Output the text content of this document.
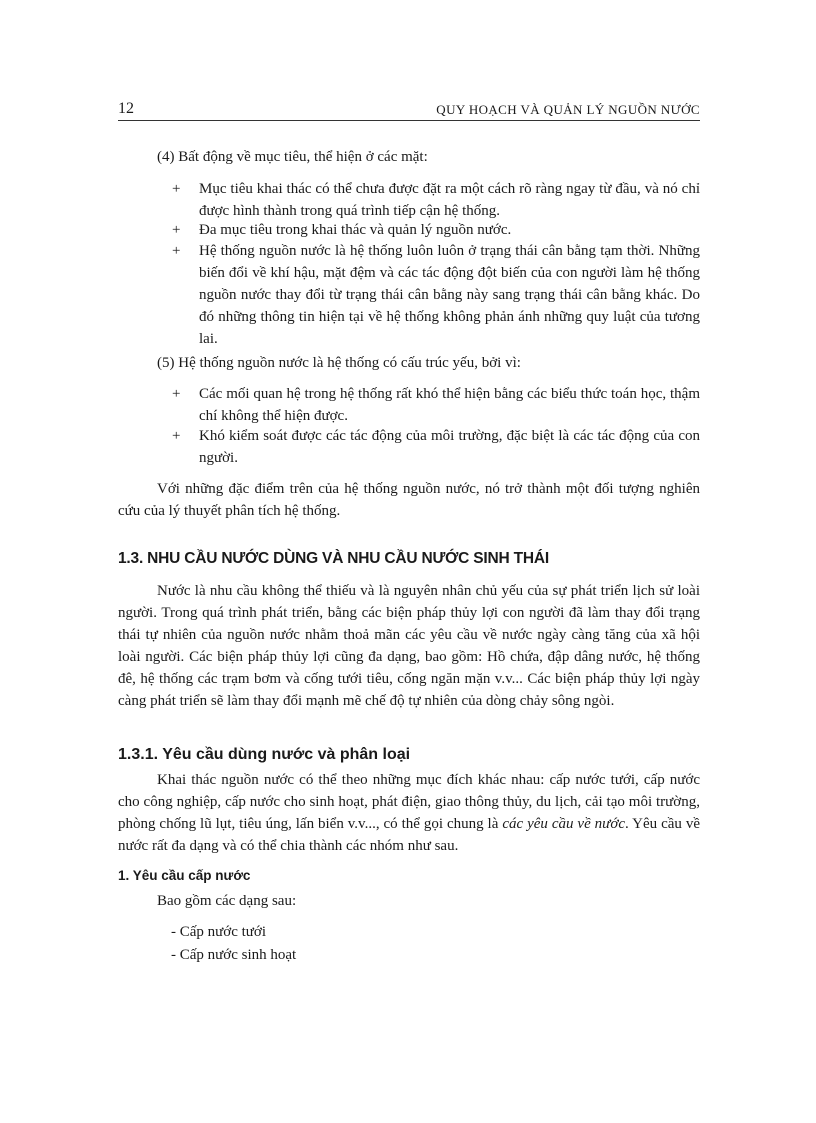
12	QUY HOẠCH VÀ QUẢN LÝ NGUỒN NƯỚC
(4) Bất động về mục tiêu, thể hiện ở các mặt:
+	Mục tiêu khai thác có thể chưa được đặt ra một cách rõ ràng ngay từ đầu, và nó chỉ được hình thành trong quá trình tiếp cận hệ thống.
+	Đa mục tiêu trong khai thác và quản lý nguồn nước.
+	Hệ thống nguồn nước là hệ thống luôn luôn ở trạng thái cân bằng tạm thời. Những biến đổi về khí hậu, mặt đệm và các tác động đột biến của con người làm hệ thống nguồn nước thay đổi từ trạng thái cân bằng này sang trạng thái cân bằng khác. Do đó những thông tin hiện tại về hệ thống không phản ánh những quy luật của tương lai.
(5) Hệ thống nguồn nước là hệ thống có cấu trúc yếu, bởi vì:
+	Các mối quan hệ trong hệ thống rất khó thể hiện bằng các biểu thức toán học, thậm chí không thể hiện được.
+	Khó kiểm soát được các tác động của môi trường, đặc biệt là các tác động của con người.
Với những đặc điểm trên của hệ thống nguồn nước, nó trở thành một đối tượng nghiên cứu của lý thuyết phân tích hệ thống.
1.3. NHU CẦU NƯỚC DÙNG VÀ NHU CẦU NƯỚC SINH THÁI
Nước là nhu cầu không thể thiếu và là nguyên nhân chủ yếu của sự phát triển lịch sử loài người. Trong quá trình phát triển, bằng các biện pháp thủy lợi con người đã làm thay đổi trạng thái tự nhiên của nguồn nước nhằm thoả mãn các yêu cầu về nước ngày càng tăng của xã hội loài người. Các biện pháp thủy lợi cũng đa dạng, bao gồm: Hồ chứa, đập dâng nước, hệ thống đê, hệ thống các trạm bơm và cống tưới tiêu, cống ngăn mặn v.v... Các biện pháp thủy lợi ngày càng phát triển sẽ làm thay đổi mạnh mẽ chế độ tự nhiên của dòng chảy sông ngòi.
1.3.1. Yêu cầu dùng nước và phân loại
Khai thác nguồn nước có thể theo những mục đích khác nhau: cấp nước tưới, cấp nước cho công nghiệp, cấp nước cho sinh hoạt, phát điện, giao thông thủy, du lịch, cải tạo môi trường, phòng chống lũ lụt, tiêu úng, lấn biển v.v..., có thể gọi chung là các yêu cầu về nước. Yêu cầu về nước rất đa dạng và có thể chia thành các nhóm như sau.
1. Yêu cầu cấp nước
Bao gồm các dạng sau:
- Cấp nước tưới
- Cấp nước sinh hoạt
